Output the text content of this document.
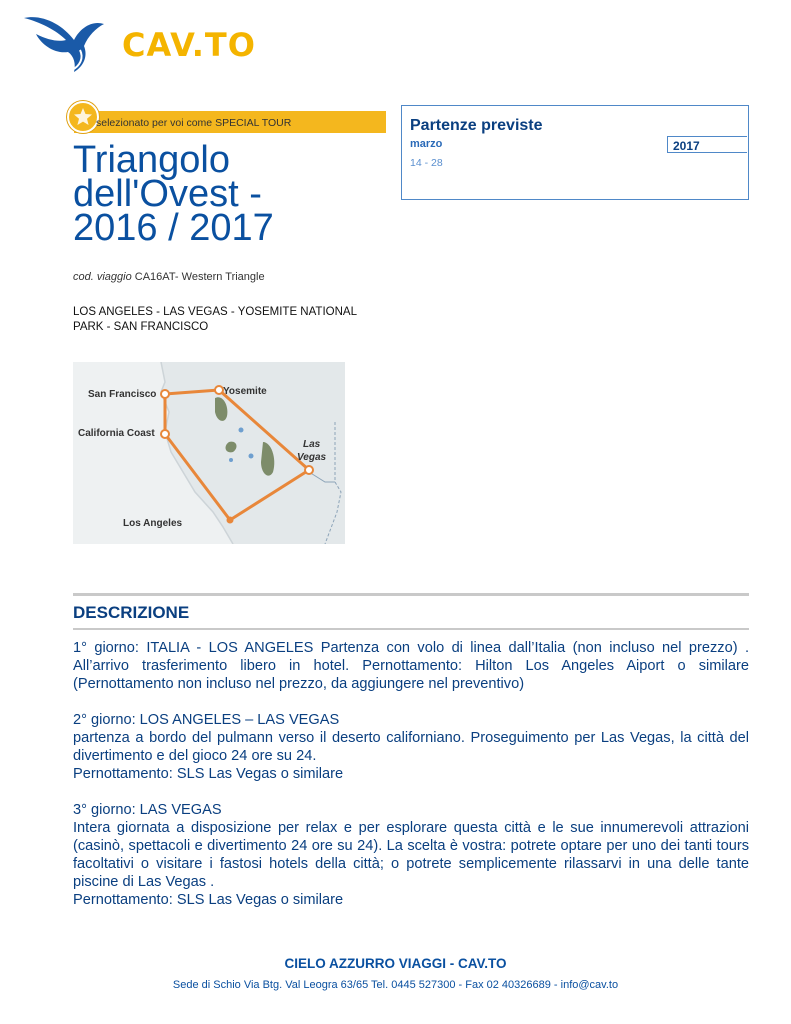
CAV.TO
selezionato per voi come SPECIAL TOUR
Triangolo
dell'Ovest -
2016 / 2017
cod. viaggio CA16AT- Western Triangle
LOS ANGELES - LAS VEGAS - YOSEMITE NATIONAL
PARK - SAN FRANCISCO
San Francisco	Yosemite
California Coast
Las
Vegas
Los Angeles
Partenze previste
marzo
14 - 28
2017
DESCRIZIONE

1° giorno: ITALIA - LOS ANGELES Partenza con volo di linea dall’Italia (non incluso nel prezzo) . All’arrivo trasferimento libero in hotel. Pernottamento: Hilton Los Angeles Aiport o similare (Pernottamento non incluso nel prezzo, da aggiungere nel preventivo)

2° giorno: LOS ANGELES – LAS VEGAS
partenza a bordo del pulmann verso il deserto californiano. Proseguimento per Las Vegas, la città del divertimento e del gioco 24 ore su 24.
Pernottamento: SLS Las Vegas o similare

3° giorno: LAS VEGAS
Intera giornata a disposizione per relax e per esplorare questa città e le sue innumerevoli attrazioni (casinò, spettacoli e divertimento 24 ore su 24). La scelta è vostra: potrete optare per uno dei tanti tours facoltativi o visitare i fastosi hotels della città; o potrete semplicemente rilassarvi in una delle tante piscine di Las Vegas .
Pernottamento: SLS Las Vegas o similare

CIELO AZZURRO VIAGGI - CAV.TO
Sede di Schio Via Btg. Val Leogra 63/65 Tel. 0445 527300 - Fax 02 40326689 - info@cav.to
